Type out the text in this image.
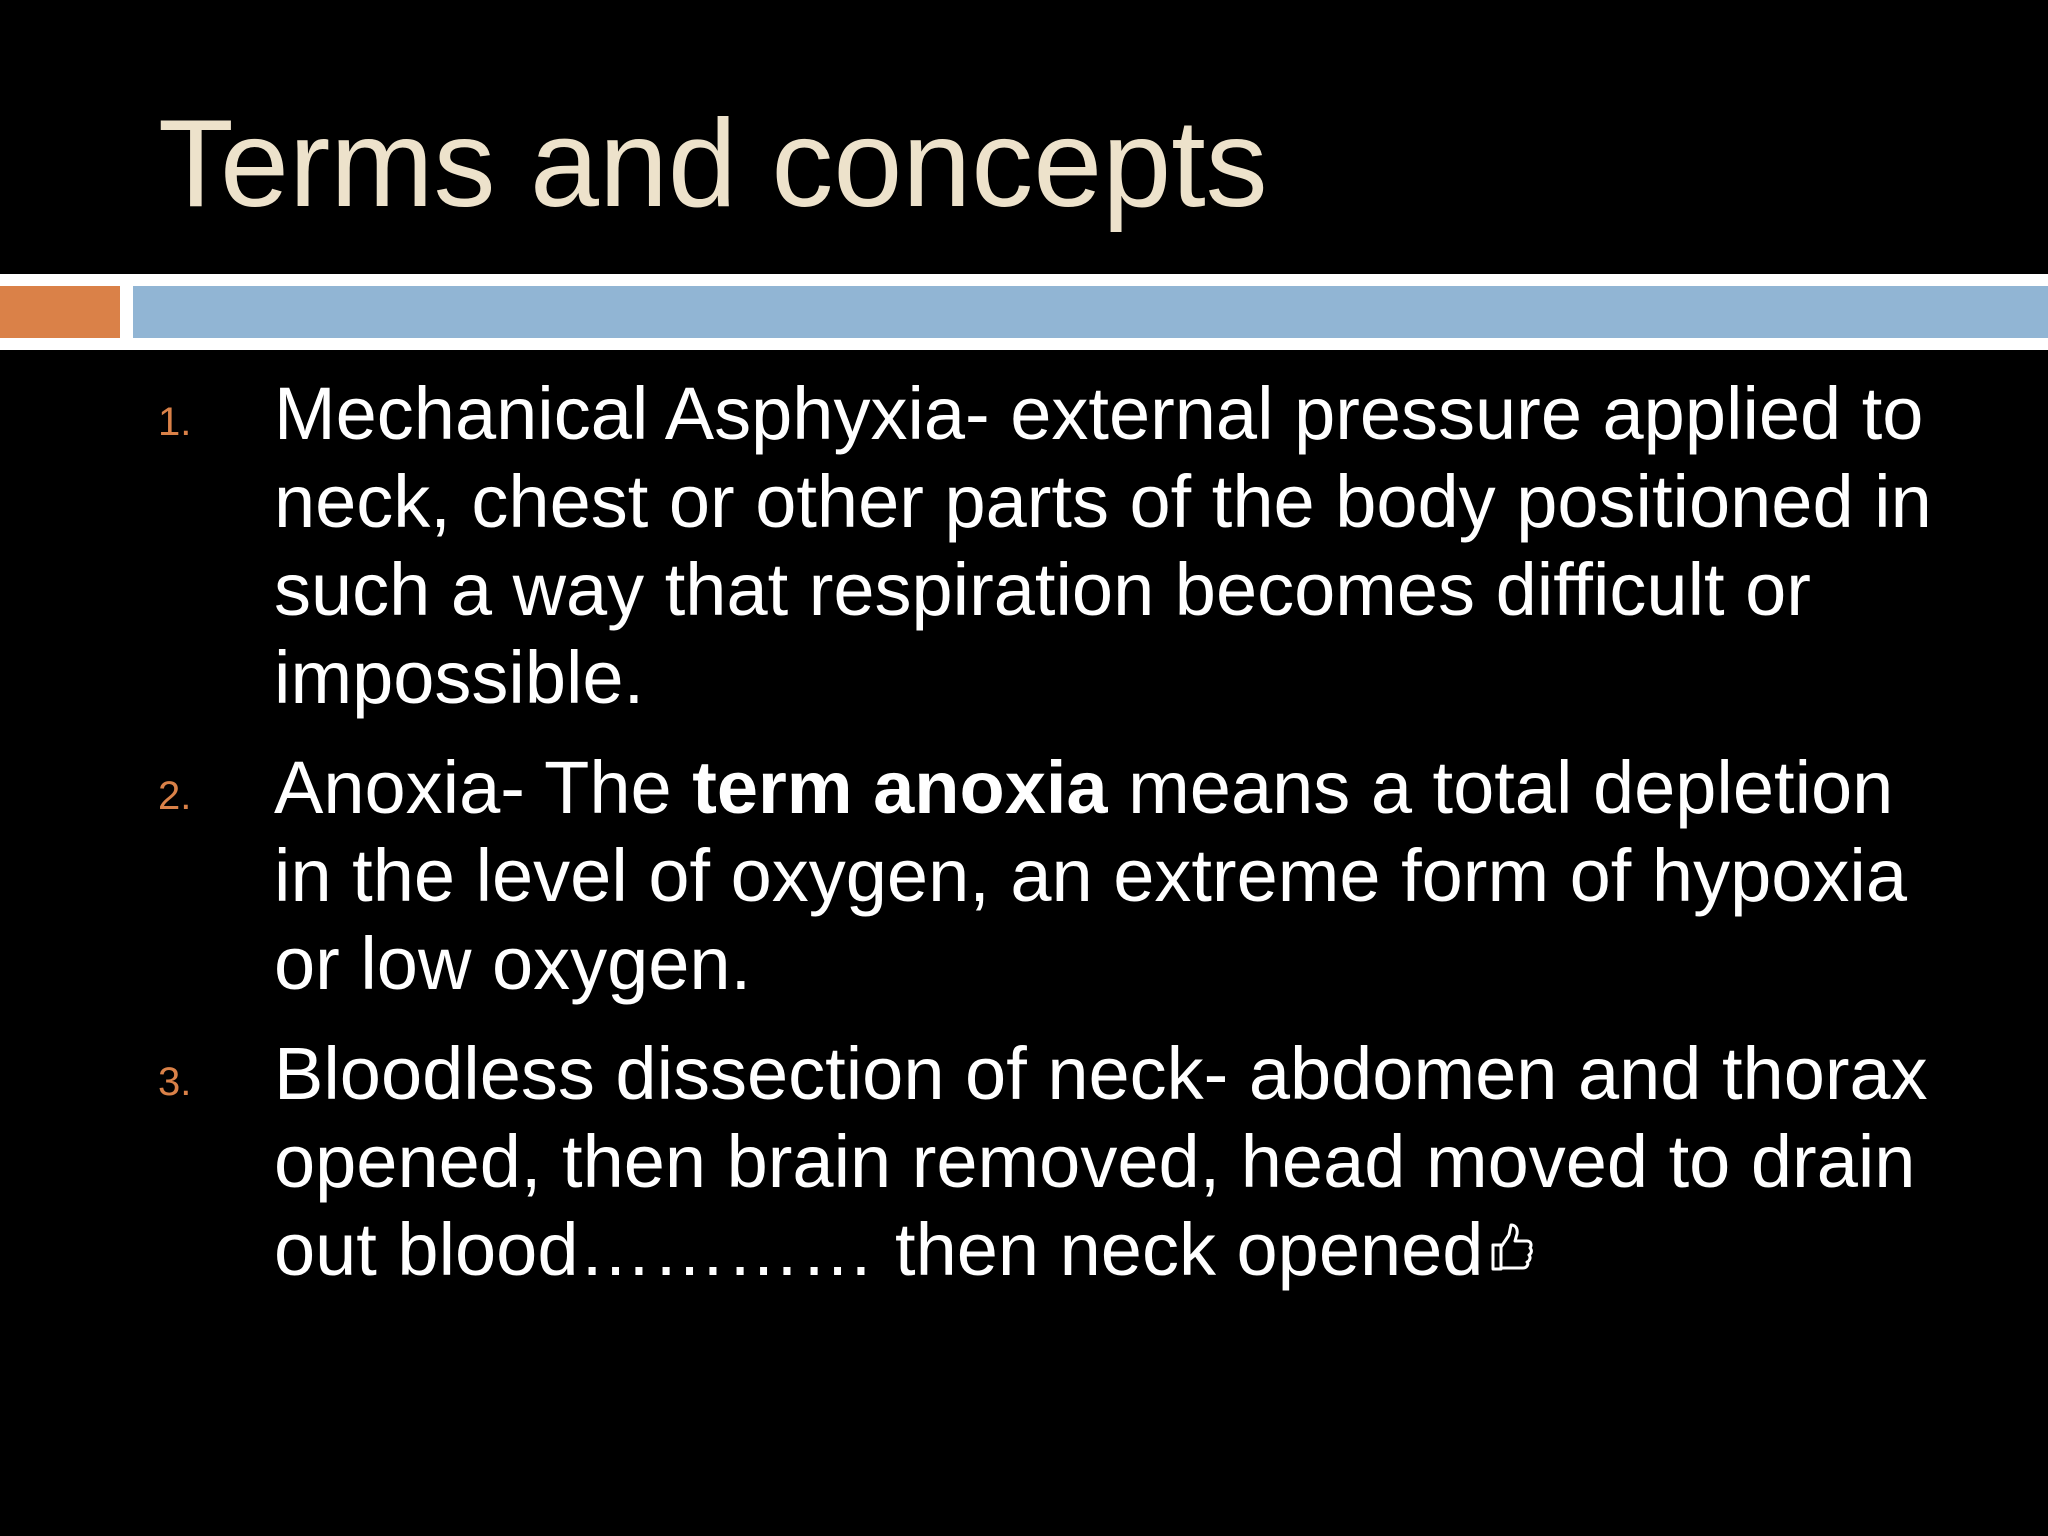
Terms and concepts
1. Mechanical Asphyxia- external pressure applied to neck, chest or other parts of the body positioned in such a way that respiration becomes difficult or impossible.
2. Anoxia- The term anoxia means a total depletion in the level of oxygen, an extreme form of hypoxia or low oxygen.
3. Bloodless dissection of neck- abdomen and thorax opened, then brain removed, head moved to drain out blood………… then neck opened
